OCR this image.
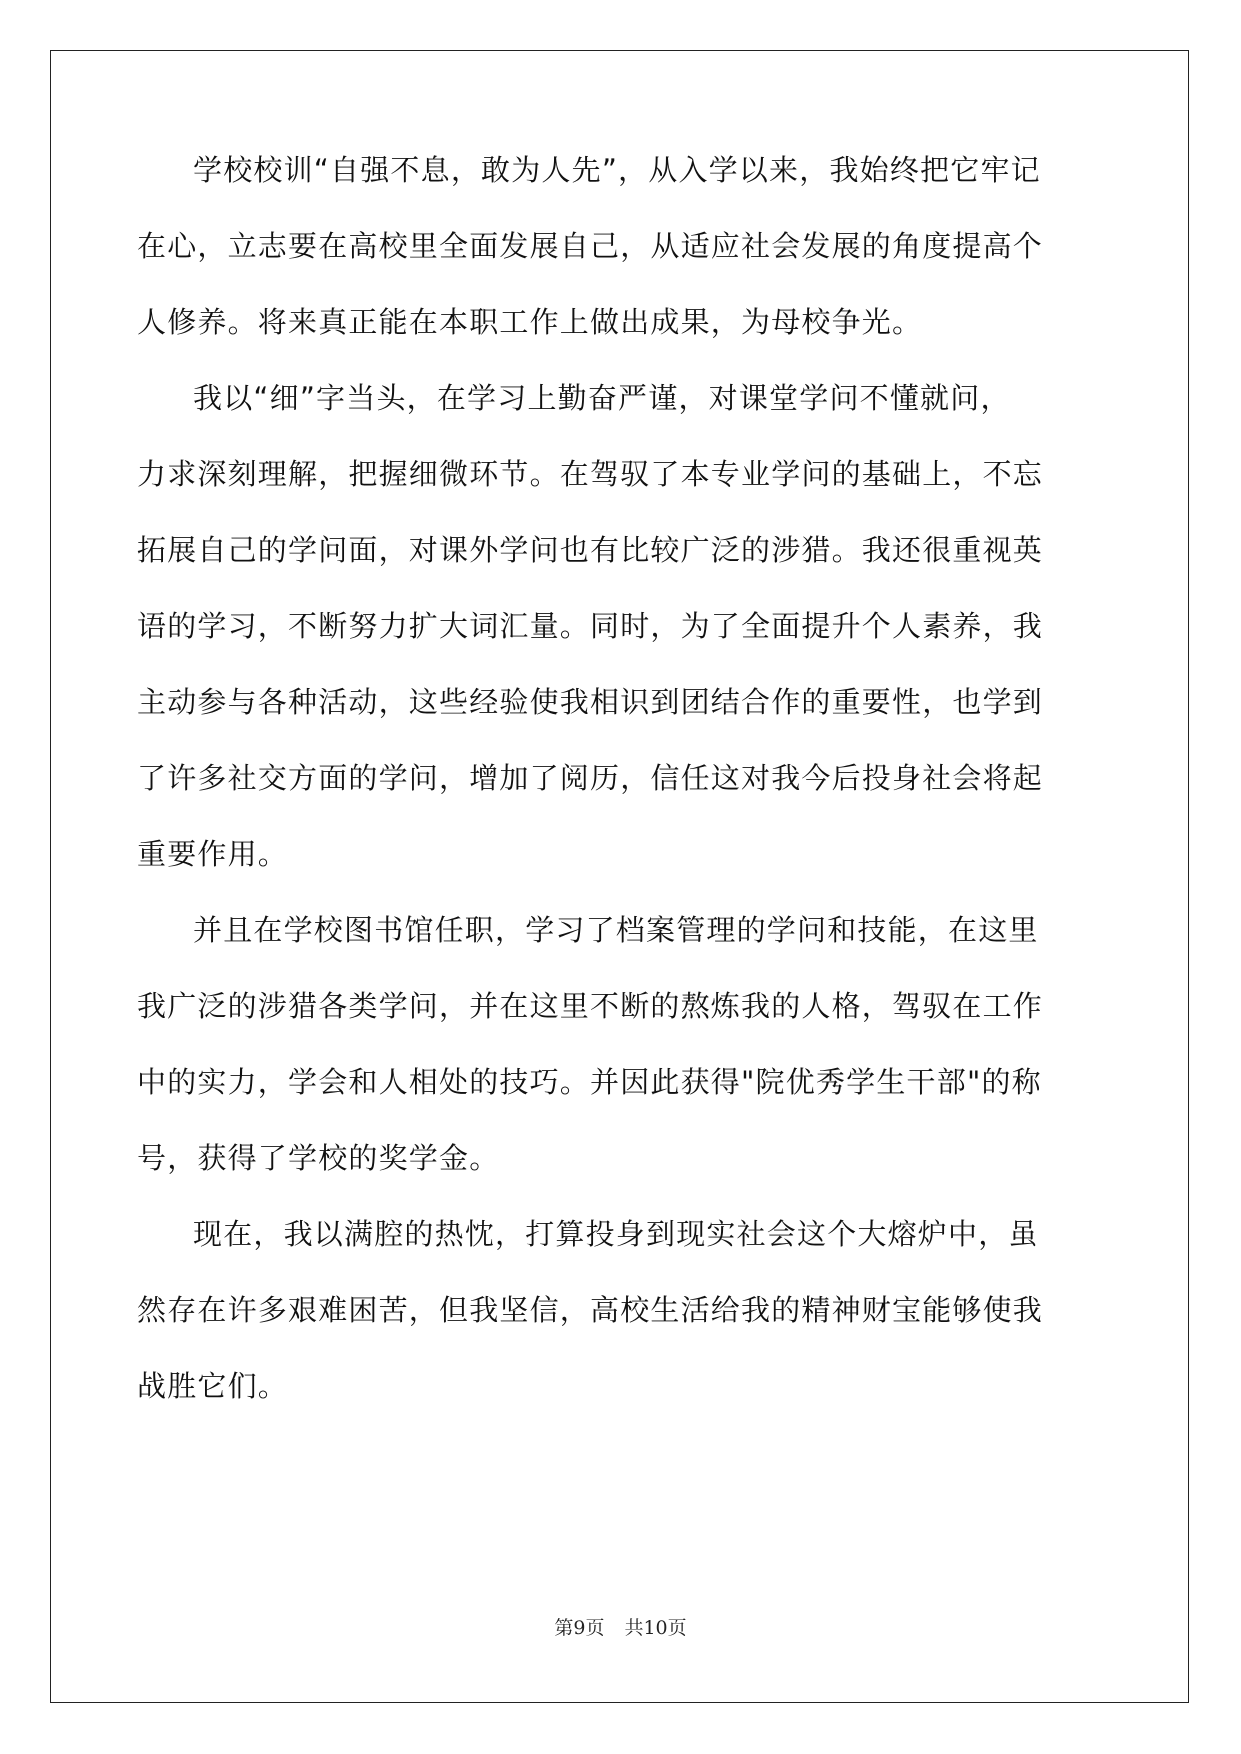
学校校训“自强不息，敢为人先”，从入学以来，我始终把它牢记
在心，立志要在高校里全面发展自己，从适应社会发展的角度提高个
人修养。将来真正能在本职工作上做出成果，为母校争光。
我以“细”字当头，在学习上勤奋严谨，对课堂学问不懂就问，
力求深刻理解，把握细微环节。在驾驭了本专业学问的基础上，不忘
拓展自己的学问面，对课外学问也有比较广泛的涉猎。我还很重视英
语的学习，不断努力扩大词汇量。同时，为了全面提升个人素养，我
主动参与各种活动，这些经验使我相识到团结合作的重要性，也学到
了许多社交方面的学问，增加了阅历，信任这对我今后投身社会将起
重要作用。
并且在学校图书馆任职，学习了档案管理的学问和技能，在这里
我广泛的涉猎各类学问，并在这里不断的熬炼我的人格，驾驭在工作
中的实力，学会和人相处的技巧。并因此获得"院优秀学生干部"的称
号，获得了学校的奖学金。
现在，我以满腔的热忱，打算投身到现实社会这个大熔炉中，虽
然存在许多艰难困苦，但我坚信，高校生活给我的精神财宝能够使我
战胜它们。
第9页 共10页
